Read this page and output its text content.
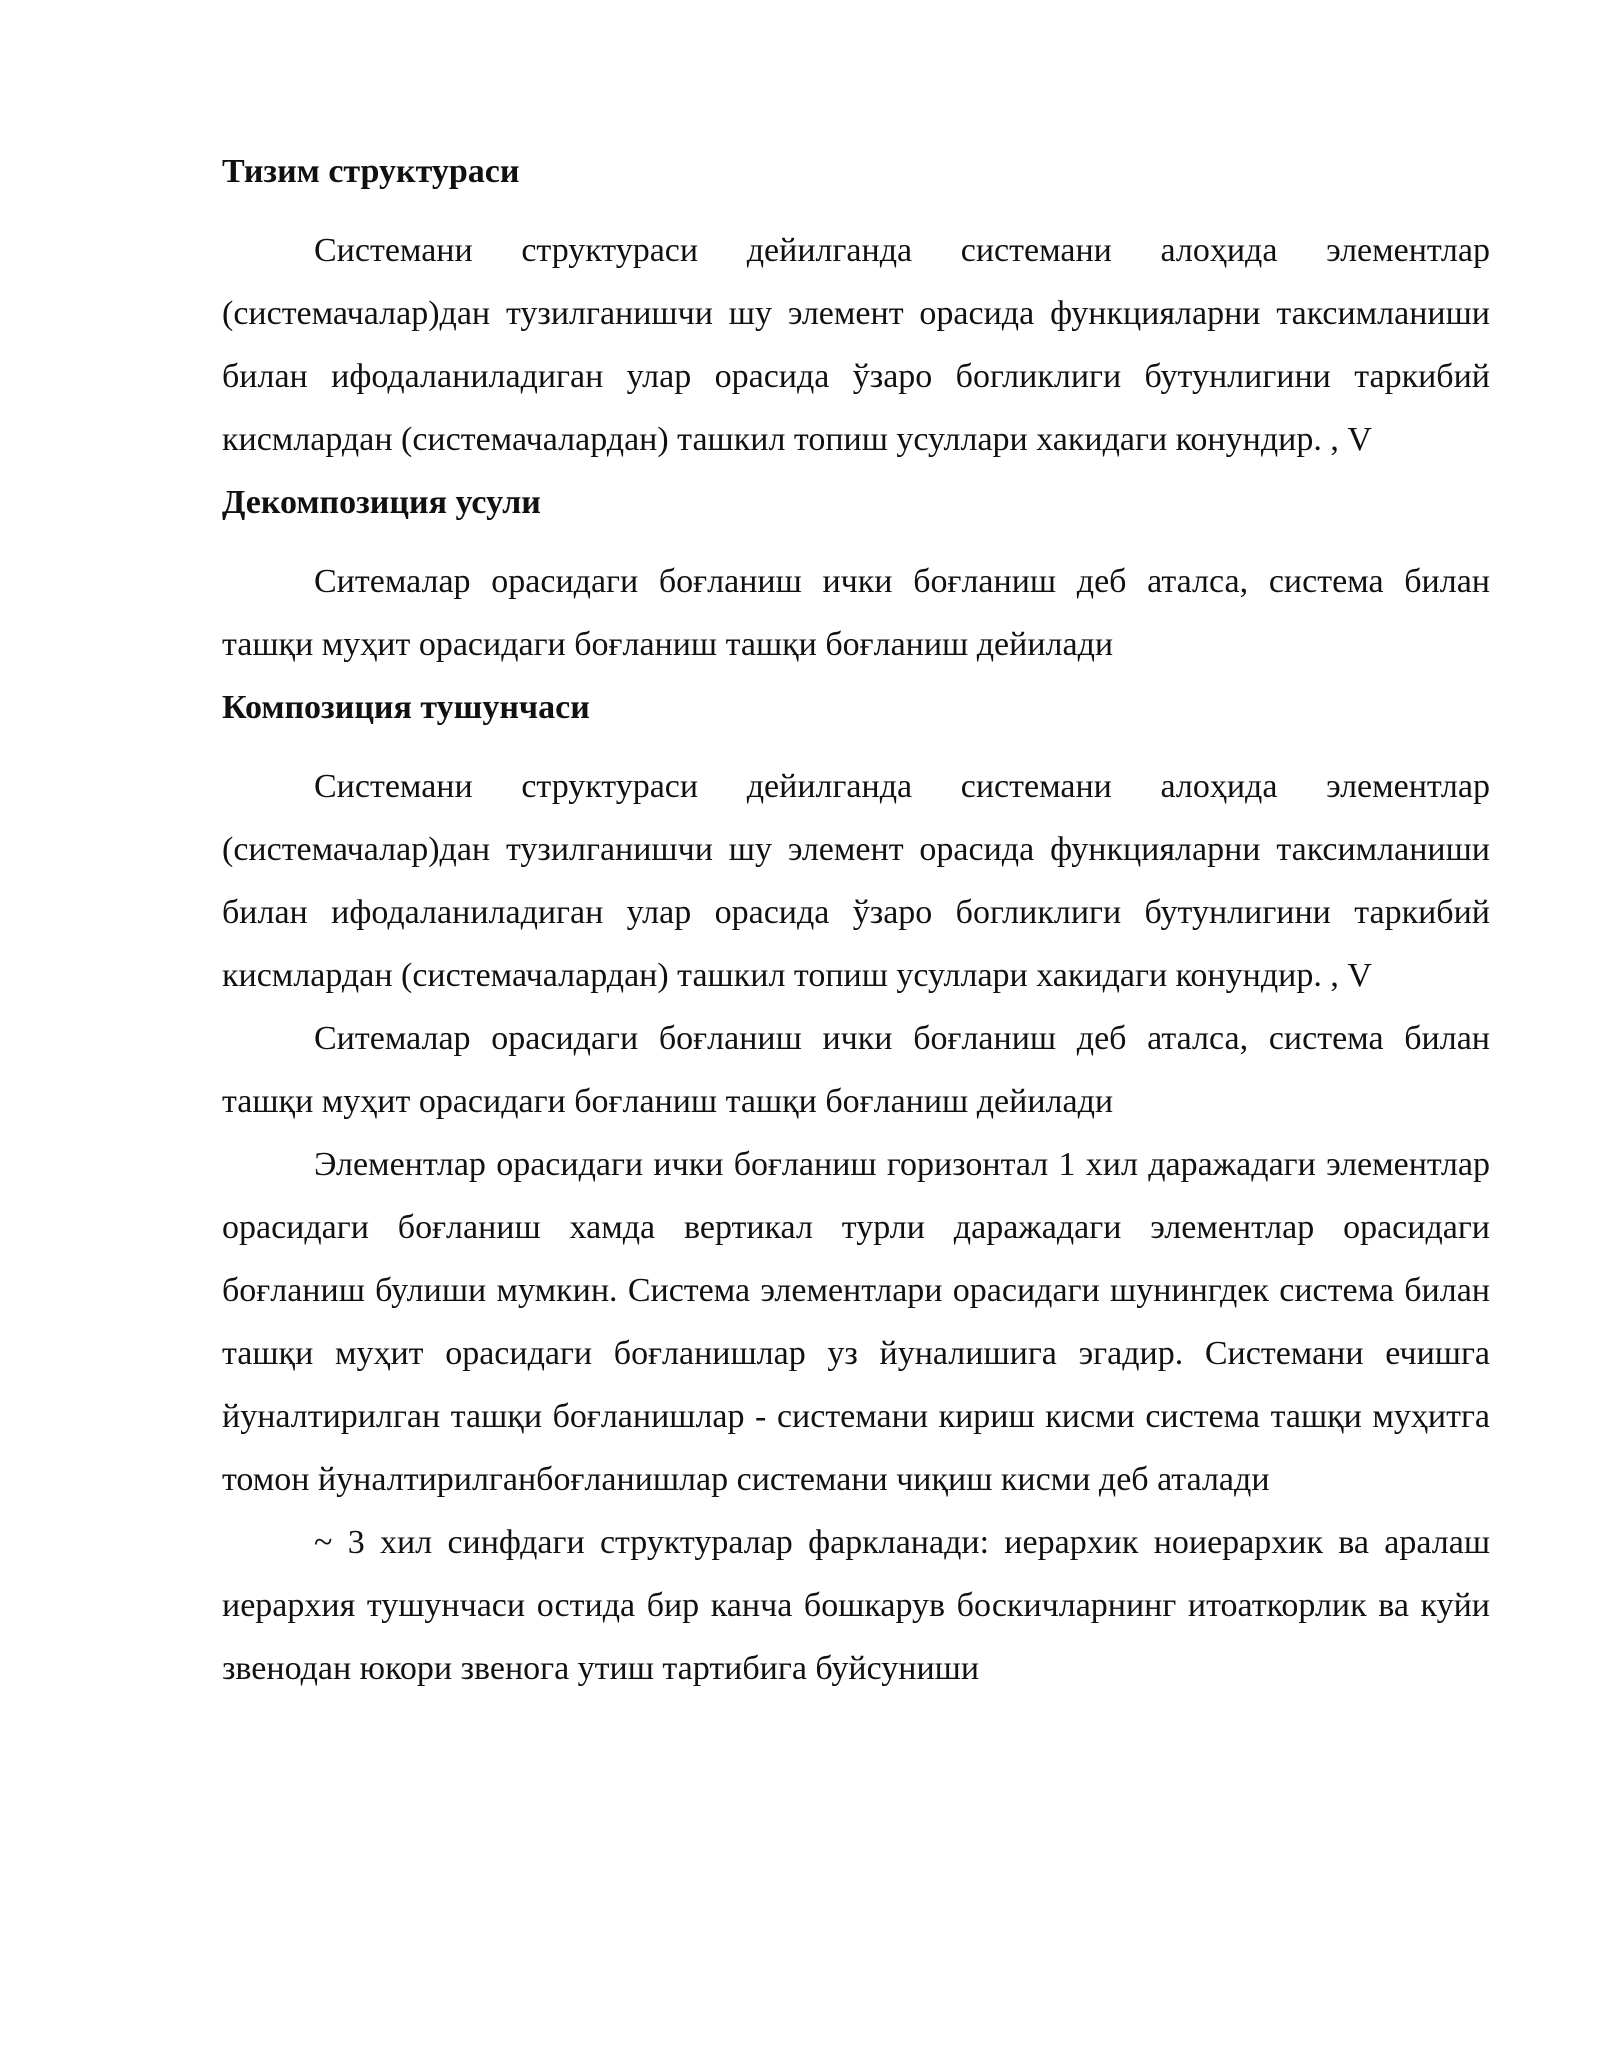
Тизим структураси

Системани структураси дейилганда системани алоҳида элементлар (системачалар)дан тузилганишчи шу элемент орасида функцияларни таксимланиши билан ифодаланиладиган улар орасида ўзаро богликлиги бутунлигини таркибий кисмлардан (системачалардан) ташкил топиш усуллари хакидаги конундир. , V

Декомпозиция усули

Ситемалар орасидаги боғланиш ички боғланиш деб аталса, система билан ташқи муҳит орасидаги боғланиш ташқи боғланиш дейилади

Композиция тушунчаси

Системани структураси дейилганда системани алоҳида элементлар (системачалар)дан тузилганишчи шу элемент орасида функцияларни таксимланиши билан ифодаланиладиган улар орасида ўзаро богликлиги бутунлигини таркибий кисмлардан (системачалардан) ташкил топиш усуллари хакидаги конундир. , V

Ситемалар орасидаги боғланиш ички боғланиш деб аталса, система билан ташқи муҳит орасидаги боғланиш ташқи боғланиш дейилади

Элементлар орасидаги ички боғланиш горизонтал 1 хил даражадаги элементлар орасидаги боғланиш хамда вертикал турли даражадаги элементлар орасидаги боғланиш булиши мумкин. Система элементлари орасидаги шунингдек система билан ташқи муҳит орасидаги боғланишлар уз йуналишига эгадир. Системани ечишга йуналтирилган ташқи боғланишлар - системани кириш кисми система ташқи муҳитга томон йуналтирилганбоғланишлар системани чиқиш кисми деб аталади

~ 3 хил синфдаги структуралар фаркланади: иерархик ноиерархик ва аралаш иерархия тушунчаси остида бир канча бошкарув боскичларнинг итоаткорлик ва куйи звенодан юкори звенога утиш тартибига буйсуниши
